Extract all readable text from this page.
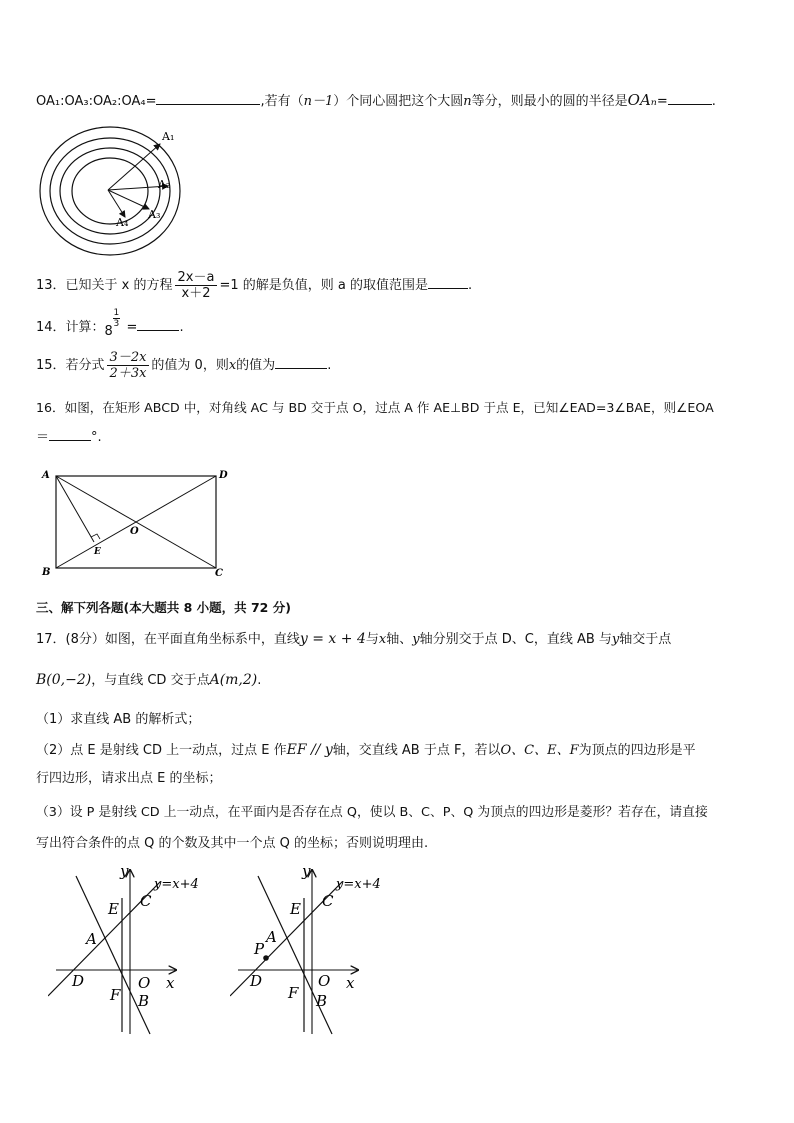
OA₁:OA₃:OA₂:OA₄=	,若有（n－1）个同心圆把这个大圆n等分，则最小的圆的半径是OAₙ=	.
A₁
A₂
A₃
A₄
13．已知关于 x 的方程 $\frac{2x-a}{x+2} =1$ 的解是负值，则 a 的取值范围是	.
14．计算：8
$\frac{1}{3}$ =	.
15．若分式 $\frac{3-2x}{2+3x}$ 的值为 0，则x的值为	.
16．如图，在矩形 ABCD 中，对角线 AC 与 BD 交于点 O，过点 A 作 AE⊥BD 于点 E，已知∠EAD=3∠BAE，则∠EOA
＝	°.
A	D
B	C
O
E
三、解下列各题(本大题共 8 小题，共 72 分)
17．(8分）如图，在平面直角坐标系中，直线y = x + 4与x轴、y轴分别交于点 D、C，直线 AB 与y轴交于点
B(0,−2)，与直线 CD 交于点A(m,2).
（1）求直线 AB 的解析式；
（2）点 E 是射线 CD 上一动点，过点 E 作EF // y轴，交直线 AB 于点 F，若以O、C、E、F为顶点的四边形是平
行四边形，请求出点 E 的坐标；
（3）设 P 是射线 CD 上一动点，在平面内是否存在点 Q，使以 B、C、P、Q 为顶点的四边形是菱形？若存在，请直接
写出符合条件的点 Q 的个数及其中一个点 Q 的坐标；否则说明理由.
y
y=x+4
C
E
A
D	O x
F B
y
y=x+4
C
E
A
P
D	O x
F B
